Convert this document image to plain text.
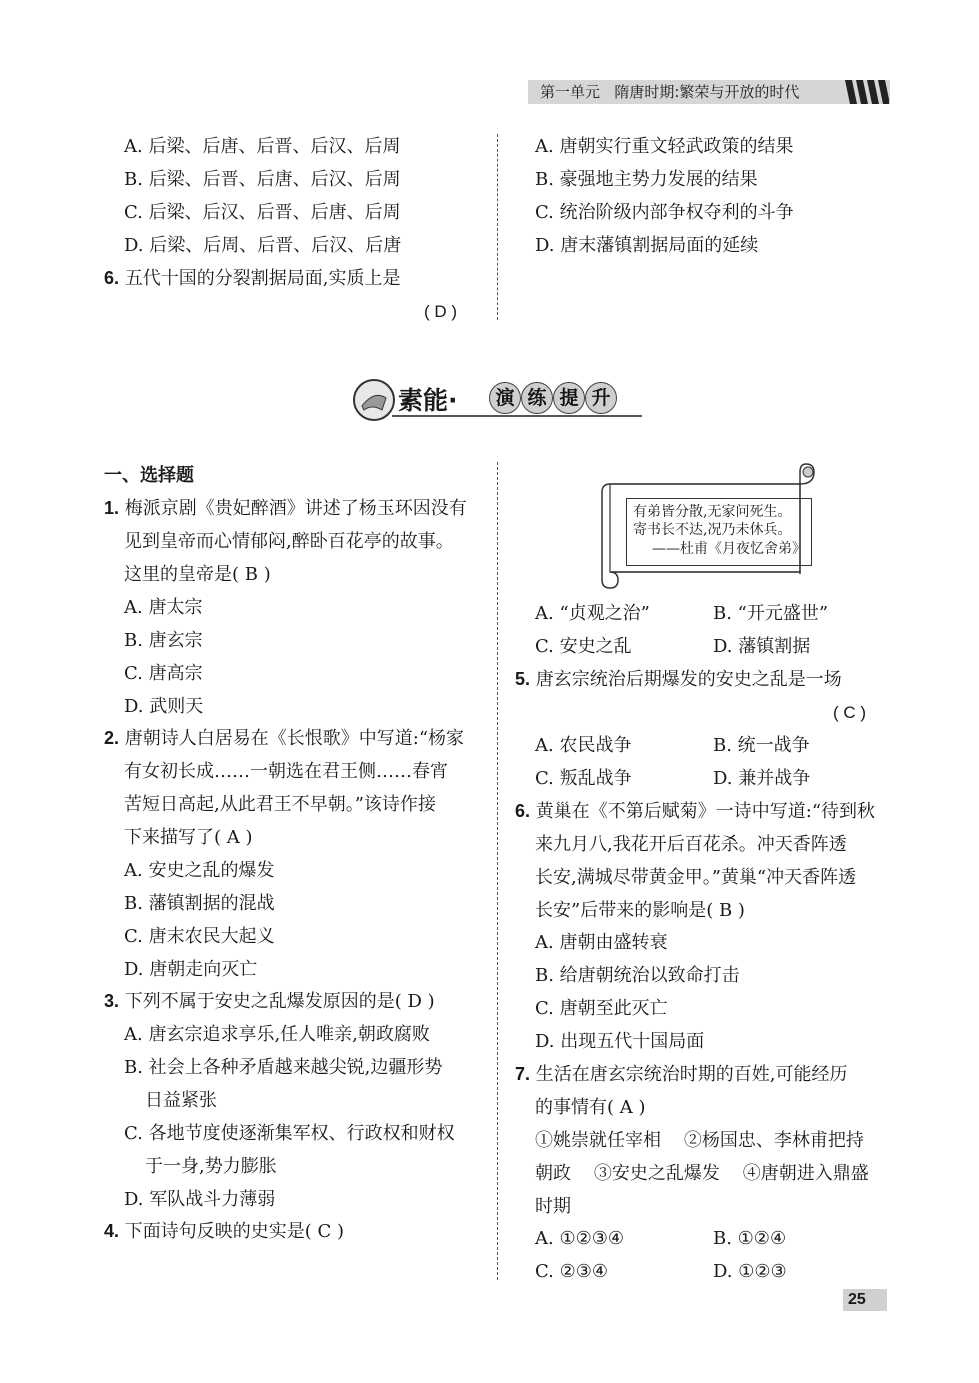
第一单元 隋唐时期:繁荣与开放的时代
A. 后梁、后唐、后晋、后汉、后周
B. 后梁、后晋、后唐、后汉、后周
C. 后梁、后汉、后晋、后唐、后周
D. 后梁、后周、后晋、后汉、后唐
6. 五代十国的分裂割据局面,实质上是
( D )
A. 唐朝实行重文轻武政策的结果
B. 豪强地主势力发展的结果
C. 统治阶级内部争权夺利的斗争
D. 唐末藩镇割据局面的延续
素能·	演 练 提 升
一、选择题
1. 梅派京剧《贵妃醉酒》讲述了杨玉环因没有
见到皇帝而心情郁闷,醉卧百花亭的故事。
这里的皇帝是( B )
A. 唐太宗
B. 唐玄宗
C. 唐高宗
D. 武则天
2. 唐朝诗人白居易在《长恨歌》中写道:“杨家
有女初长成……一朝选在君王侧……春宵
苦短日高起,从此君王不早朝。”该诗作接
下来描写了( A )
A. 安史之乱的爆发
B. 藩镇割据的混战
C. 唐末农民大起义
D. 唐朝走向灭亡
3. 下列不属于安史之乱爆发原因的是( D )
A. 唐玄宗追求享乐,任人唯亲,朝政腐败
B. 社会上各种矛盾越来越尖锐,边疆形势
日益紧张
C. 各地节度使逐渐集军权、行政权和财权
于一身,势力膨胀
D. 军队战斗力薄弱
4. 下面诗句反映的史实是( C )
有弟皆分散,无家问死生。
寄书长不达,况乃未休兵。
——杜甫《月夜忆舍弟》
A. “贞观之治”	B. “开元盛世”
C. 安史之乱	D. 藩镇割据
5. 唐玄宗统治后期爆发的安史之乱是一场
( C )
A. 农民战争	B. 统一战争
C. 叛乱战争	D. 兼并战争
6. 黄巢在《不第后赋菊》一诗中写道:“待到秋
来九月八,我花开后百花杀。冲天香阵透
长安,满城尽带黄金甲。”黄巢“冲天香阵透
长安”后带来的影响是( B )
A. 唐朝由盛转衰
B. 给唐朝统治以致命打击
C. 唐朝至此灭亡
D. 出现五代十国局面
7. 生活在唐玄宗统治时期的百姓,可能经历
的事情有( A )
①姚崇就任宰相    ②杨国忠、李林甫把持
朝政    ③安史之乱爆发    ④唐朝进入鼎盛
时期
A. ①②③④	B. ①②④
C. ②③④	D. ①②③
25
